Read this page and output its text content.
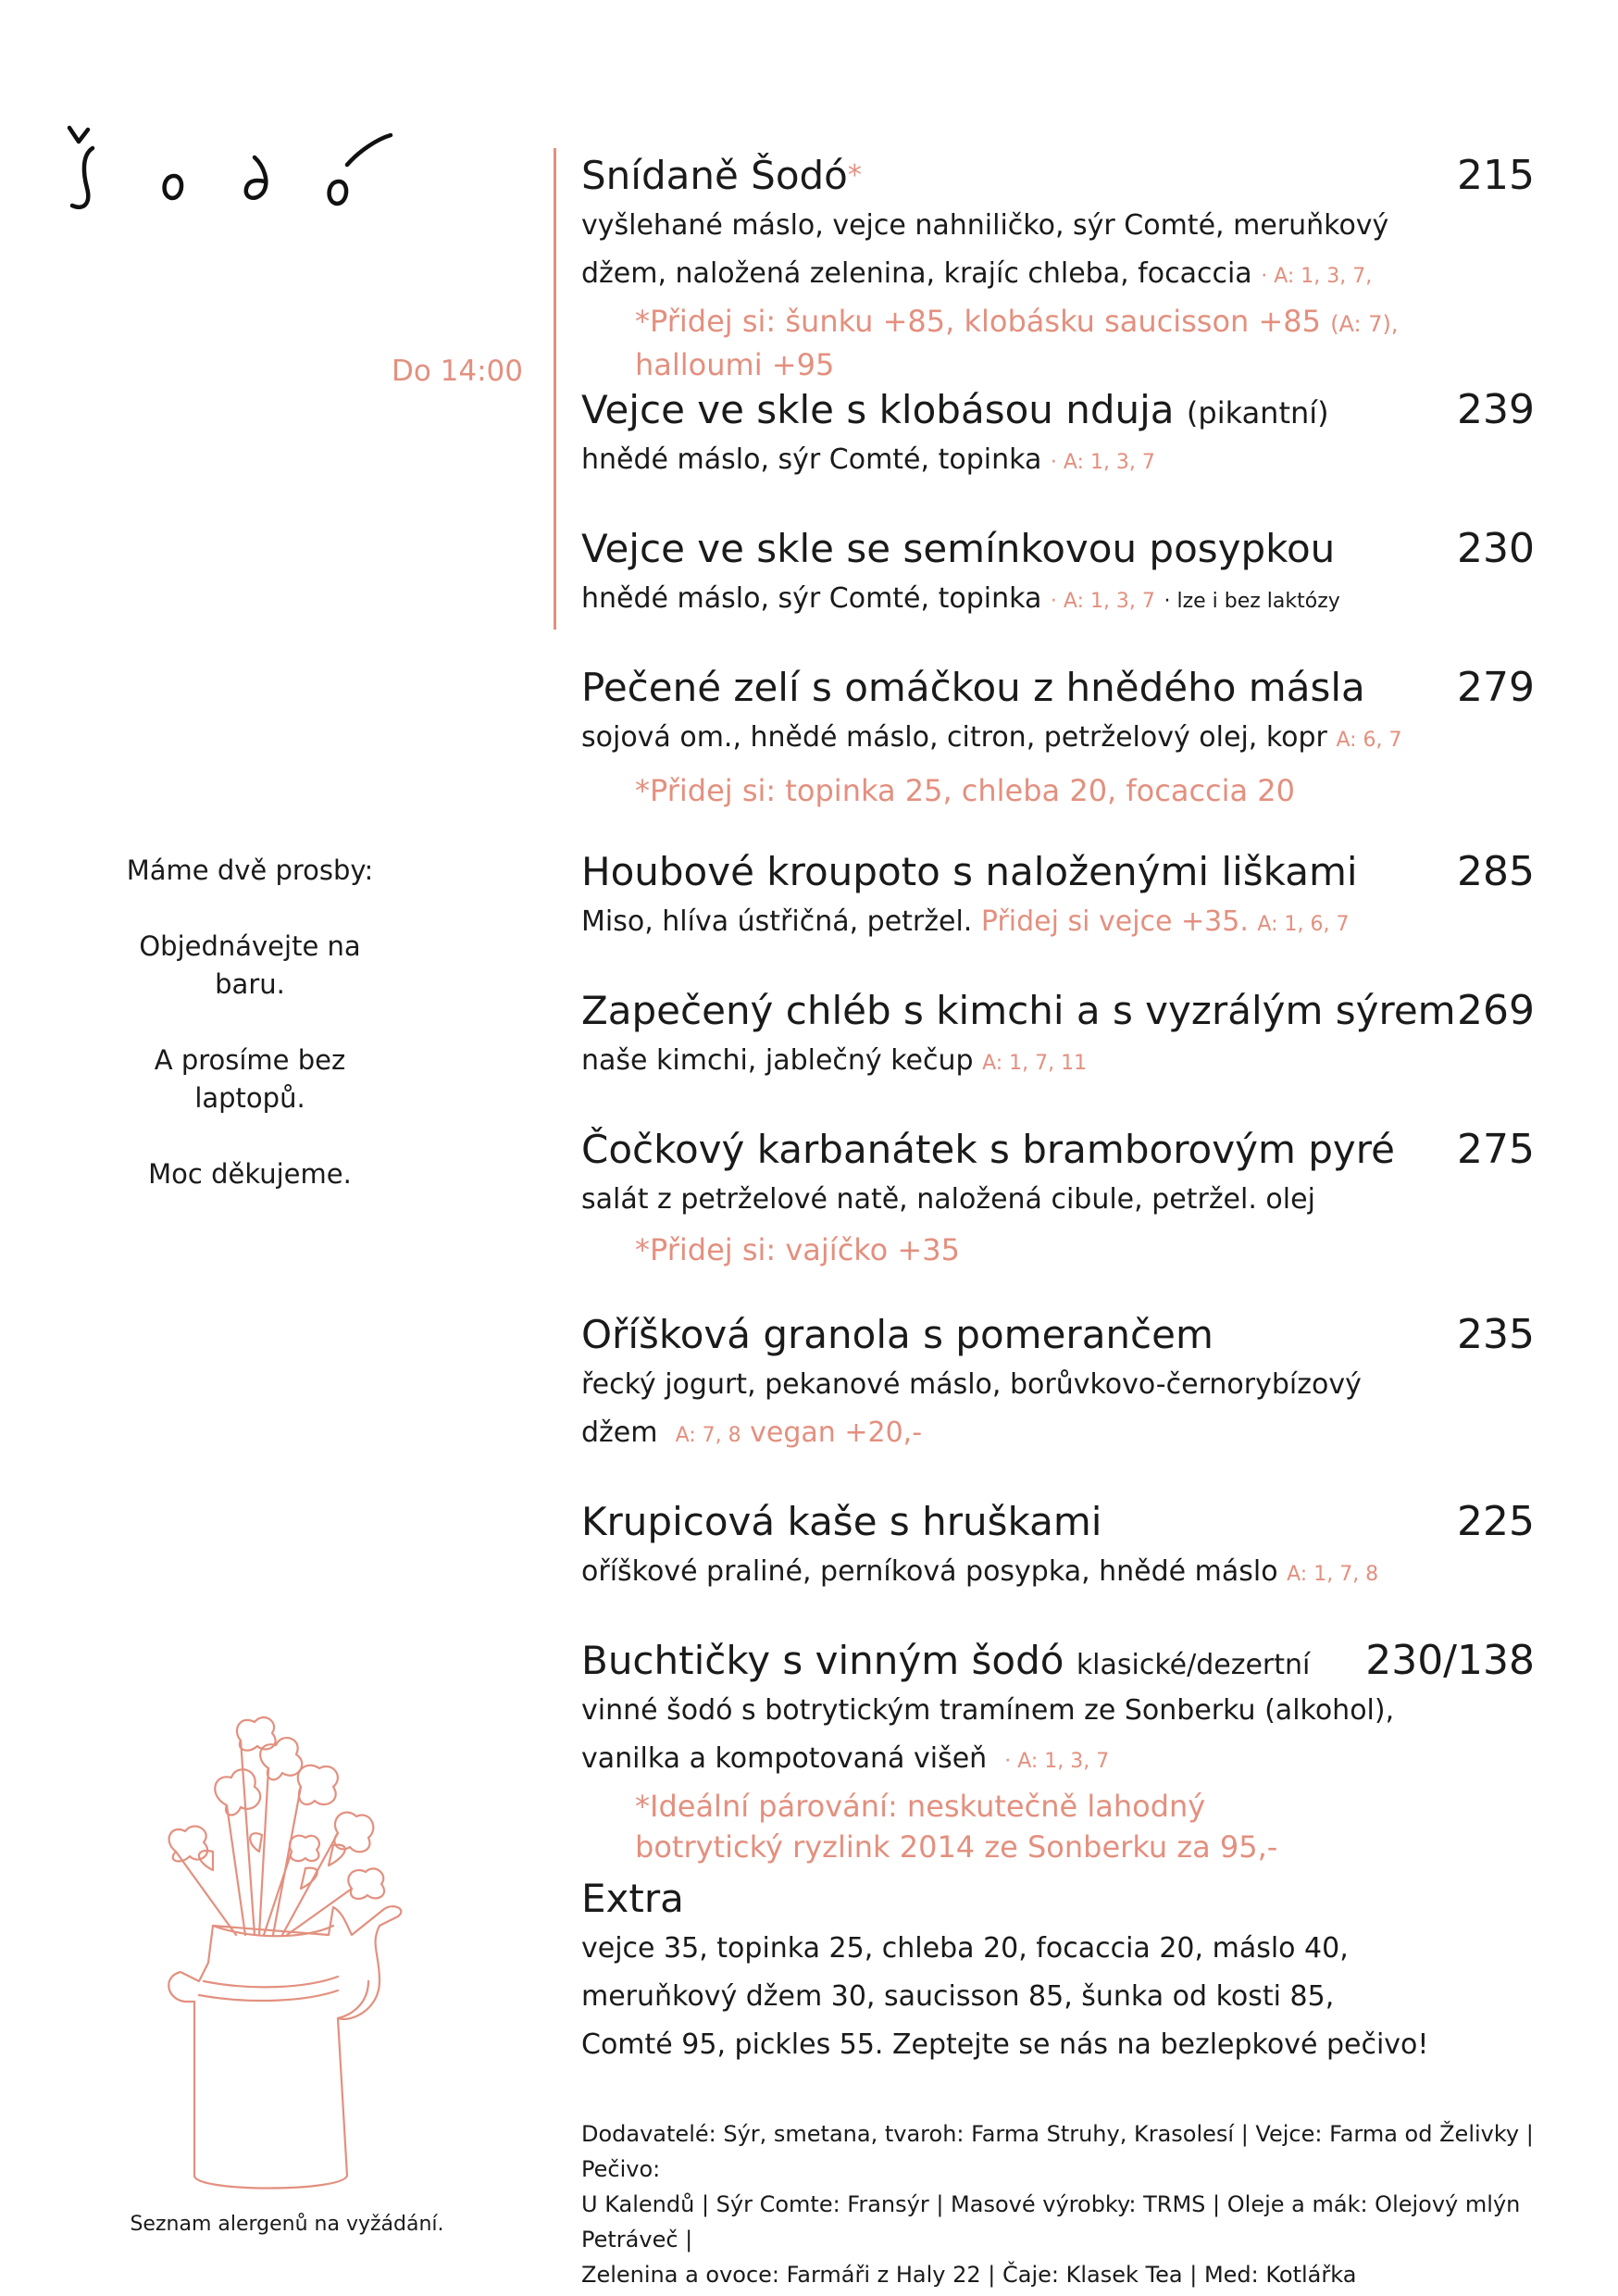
Do 14:00

Máme dvě prosby:

Objednávejte na baru.

A prosíme bez laptopů.

Moc děkujeme.

Seznam alergenů na vyžádání.
Snídaně Šodó*	215
vyšlehané máslo, vejce nahniličko, sýr Comté, meruňkový
džem, naložená zelenina, krajíc chleba, focaccia · A: 1, 3, 7,
*Přidej si: šunku +85, klobásku saucisson +85 (A: 7),
halloumi +95
Vejce ve skle s klobásou nduja (pikantní)	239
hnědé máslo, sýr Comté, topinka · A: 1, 3, 7
Vejce ve skle se semínkovou posypkou	230
hnědé máslo, sýr Comté, topinka · A: 1, 3, 7 · lze i bez laktózy
Pečené zelí s omáčkou z hnědého másla 279
sojová om., hnědé máslo, citron, petrželový olej, kopr A: 6, 7
*Přidej si: topinka 25, chleba 20, focaccia 20
Houbové kroupoto s naloženými liškami 285
Miso, hlíva ústřičná, petržel. Přidej si vejce +35. A: 1, 6, 7
Zapečený chléb s kimchi a s vyzrálým sýrem 269
naše kimchi, jablečný kečup A: 1, 7, 11
Čočkový karbanátek s bramborovým pyré 275
salát z petrželové natě, naložená cibule, petržel. olej
*Přidej si: vajíčko +35
Oříšková granola s pomerančem	235
řecký jogurt, pekanové máslo, borůvkovo-černorybízový
džem A: 7, 8 vegan +20,-
Krupicová kaše s hruškami	225
oříškové praliné, perníková posypka, hnědé máslo A: 1, 7, 8
Buchtičky s vinným šodó klasické/dezertní 230/138
vinné šodó s botrytickým tramínem ze Sonberku (alkohol),
vanilka a kompotovaná višeň · A: 1, 3, 7
*Ideální párování: neskutečně lahodný
botrytický ryzlink 2014 ze Sonberku za 95,-
Extra
vejce 35, topinka 25, chleba 20, focaccia 20, máslo 40,
meruňkový džem 30, saucisson 85, šunka od kosti 85,
Comté 95, pickles 55. Zeptejte se nás na bezlepkové pečivo!
Dodavatelé: Sýr, smetana, tvaroh: Farma Struhy, Krasolesí | Vejce: Farma od Želivky | Pečivo:
U Kalendů | Sýr Comte: Fransýr | Masové výrobky: TRMS | Oleje a mák: Olejový mlýn Petráveč |
Zelenina a ovoce: Farmáři z Haly 22 | Čaje: Klasek Tea | Med: Kotlářka
